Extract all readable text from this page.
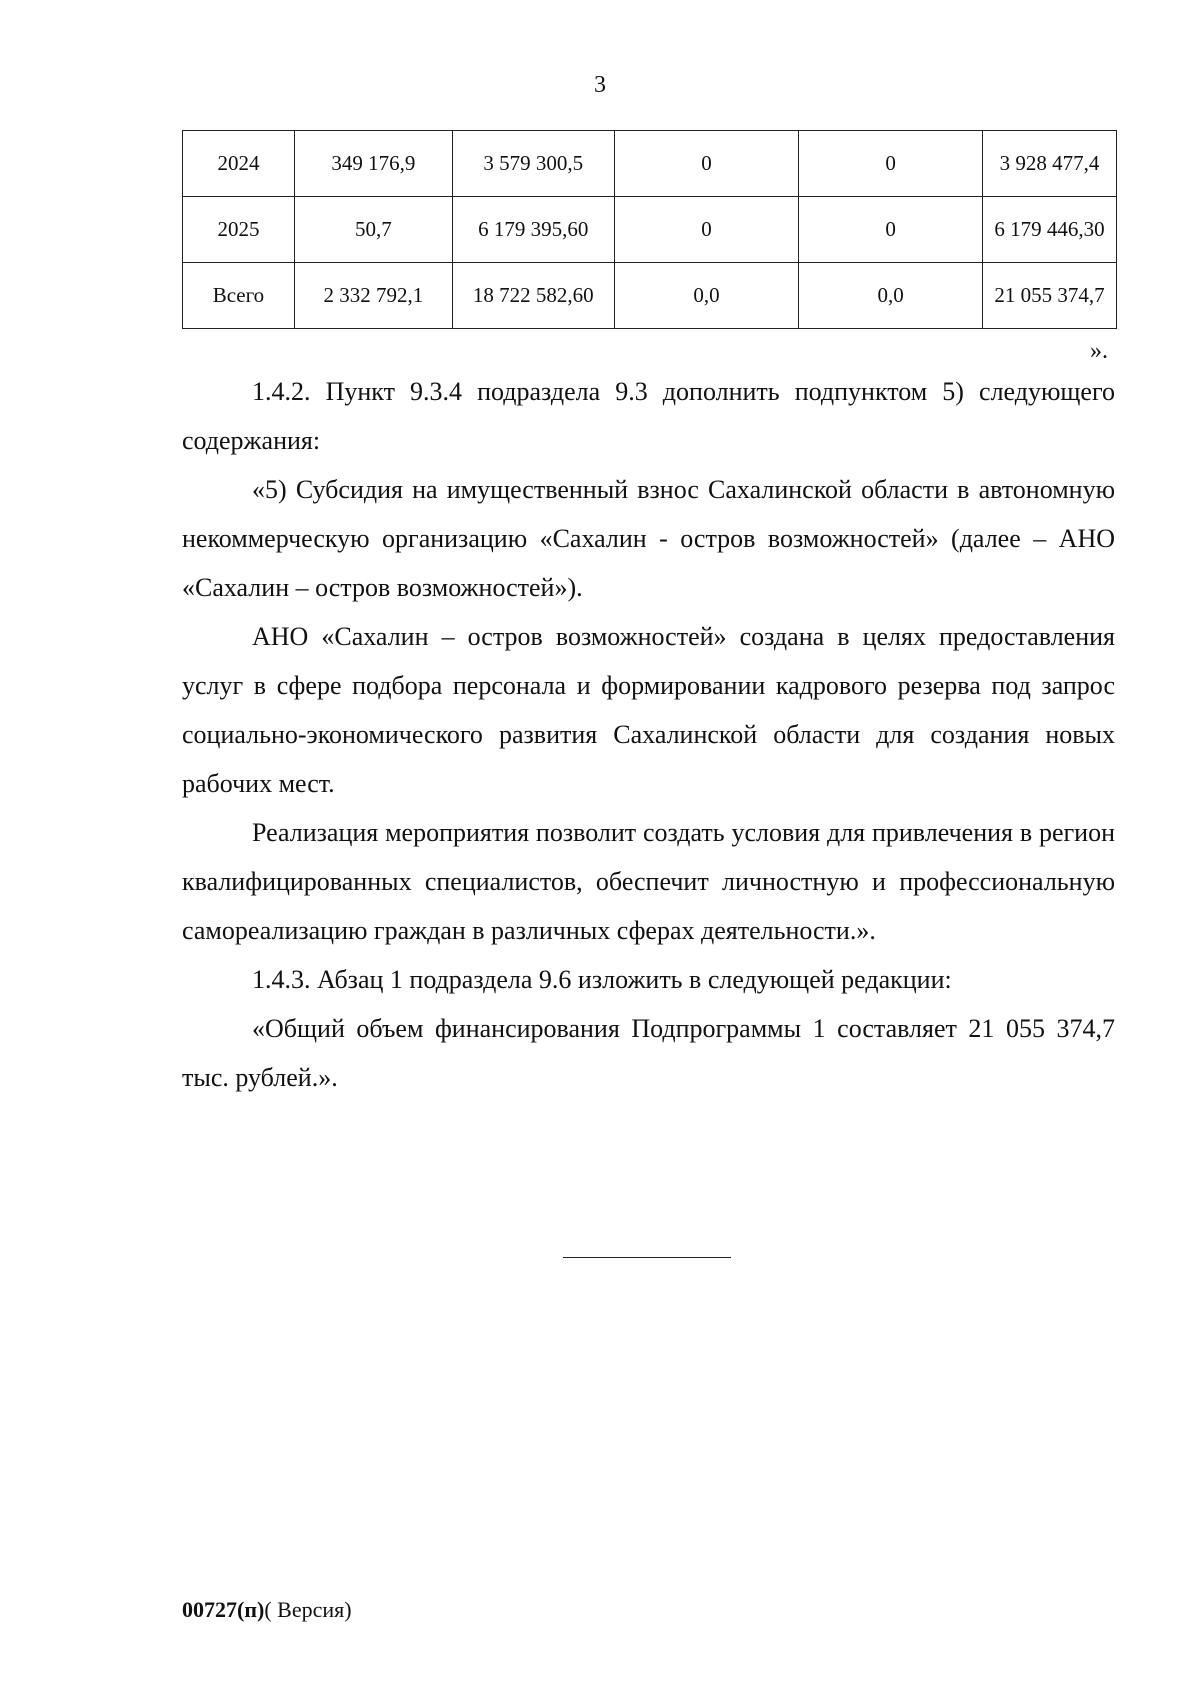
3
2024	349 176,9	3 579 300,5	0	0	3 928 477,4
2025	50,7	6 179 395,60	0	0	6 179 446,30
Всего	2 332 792,1	18 722 582,60	0,0	0,0	21 055 374,7
».

1.4.2. Пункт 9.3.4 подраздела 9.3 дополнить подпунктом 5) следующего

содержания:

«5) Субсидия на имущественный взнос Сахалинской области в автономную некоммерческую организацию «Сахалин - остров возможностей» (далее – АНО «Сахалин – остров возможностей»).

АНО «Сахалин – остров возможностей» создана в целях предоставления услуг в сфере подбора персонала и формировании кадрового резерва под запрос социально-экономического развития Сахалинской области для создания новых рабочих мест.

Реализация мероприятия позволит создать условия для привлечения в регион квалифицированных специалистов, обеспечит личностную и профессиональную самореализацию граждан в различных сферах деятельности.».

1.4.3. Абзац 1 подраздела 9.6 изложить в следующей редакции:

«Общий объем финансирования Подпрограммы 1 составляет 21 055 374,7 тыс. рублей.».

00727(п)( Версия)
